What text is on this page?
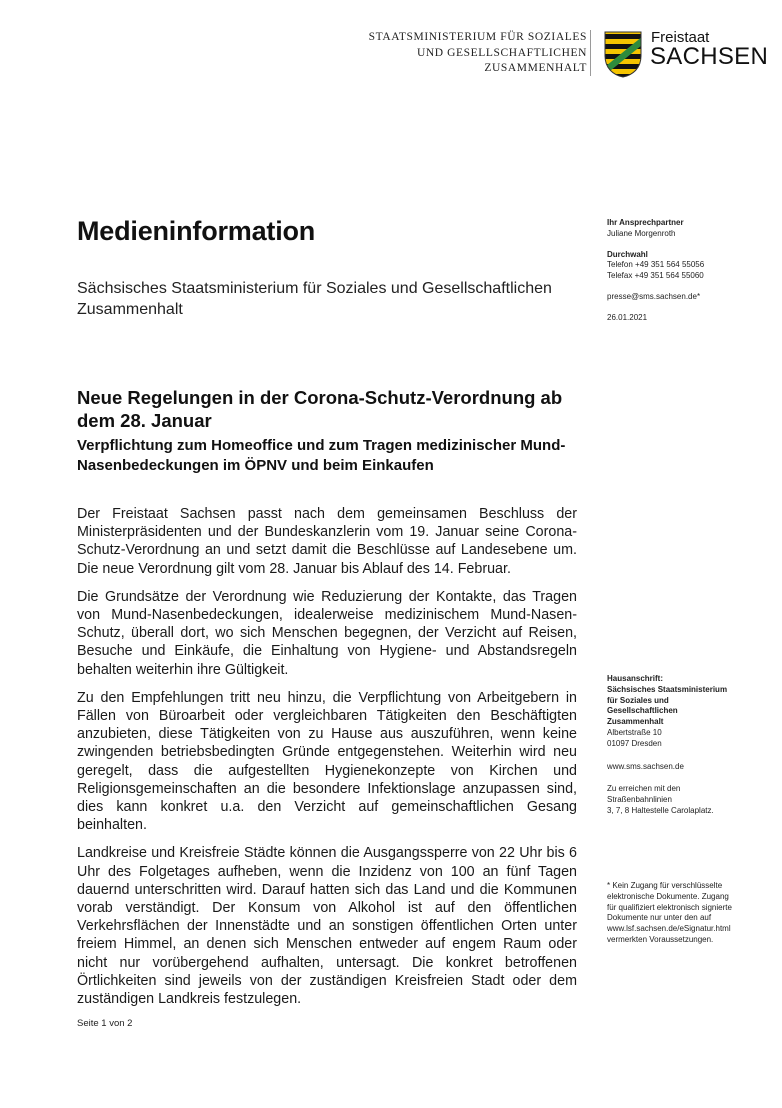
STAATSMINISTERIUM FÜR SOZIALES
UND GESELLSCHAFTLICHEN
ZUSAMMENHALT
Freistaat
SACHSEN
Medieninformation

Sächsisches Staatsministerium für Soziales und Gesellschaftlichen Zusammenhalt

Neue Regelungen in der Corona-Schutz-Verordnung ab dem 28. Januar
Verpflichtung zum Homeoffice und zum Tragen medizinischer Mund-Nasenbedeckungen im ÖPNV und beim Einkaufen

Der Freistaat Sachsen passt nach dem gemeinsamen Beschluss der Ministerpräsidenten und der Bundeskanzlerin vom 19. Januar seine Corona-Schutz-Verordnung an und setzt damit die Beschlüsse auf Landesebene um. Die neue Verordnung gilt vom 28. Januar bis Ablauf des 14. Februar.

Die Grundsätze der Verordnung wie Reduzierung der Kontakte, das Tragen von Mund-Nasenbedeckungen, idealerweise medizinischem Mund-Nasen-Schutz, überall dort, wo sich Menschen begegnen, der Verzicht auf Reisen, Besuche und Einkäufe, die Einhaltung von Hygiene- und Abstandsregeln behalten weiterhin ihre Gültigkeit.

Zu den Empfehlungen tritt neu hinzu, die Verpflichtung von Arbeitgebern in Fällen von Büroarbeit oder vergleichbaren Tätigkeiten den Beschäftigten anzubieten, diese Tätigkeiten von zu Hause aus auszuführen, wenn keine zwingenden betriebsbedingten Gründe entgegenstehen. Weiterhin wird neu geregelt, dass die aufgestellten Hygienekonzepte von Kirchen und Religionsgemeinschaften an die besondere Infektionslage anzupassen sind, dies kann konkret u.a. den Verzicht auf gemeinschaftlichen Gesang beinhalten.

Landkreise und Kreisfreie Städte können die Ausgangssperre von 22 Uhr bis 6 Uhr des Folgetages aufheben, wenn die Inzidenz von 100 an fünf Tagen dauernd unterschritten wird. Darauf hatten sich das Land und die Kommunen vorab verständigt. Der Konsum von Alkohol ist auf den öffentlichen Verkehrsflächen der Innenstädte und an sonstigen öffentlichen Orten unter freiem Himmel, an denen sich Menschen entweder auf engem Raum oder nicht nur vorübergehend aufhalten, untersagt. Die konkret betroffenen Örtlichkeiten sind jeweils von der zuständigen Kreisfreien Stadt oder dem zuständigen Landkreis festzulegen.

Seite 1 von 2
Ihr Ansprechpartner
Juliane Morgenroth
Durchwahl
Telefon +49 351 564 55056
Telefax +49 351 564 55060
presse@sms.sachsen.de*
26.01.2021
Hausanschrift:
Sächsisches Staatsministerium
für Soziales und
Gesellschaftlichen
Zusammenhalt
Albertstraße 10
01097 Dresden
www.sms.sachsen.de
Zu erreichen mit den
Straßenbahnlinien
3, 7, 8 Haltestelle Carolaplatz.
* Kein Zugang für verschlüsselte
elektronische Dokumente. Zugang
für qualifiziert elektronisch signierte
Dokumente nur unter den auf
www.lsf.sachsen.de/eSignatur.html
vermerkten Voraussetzungen.
